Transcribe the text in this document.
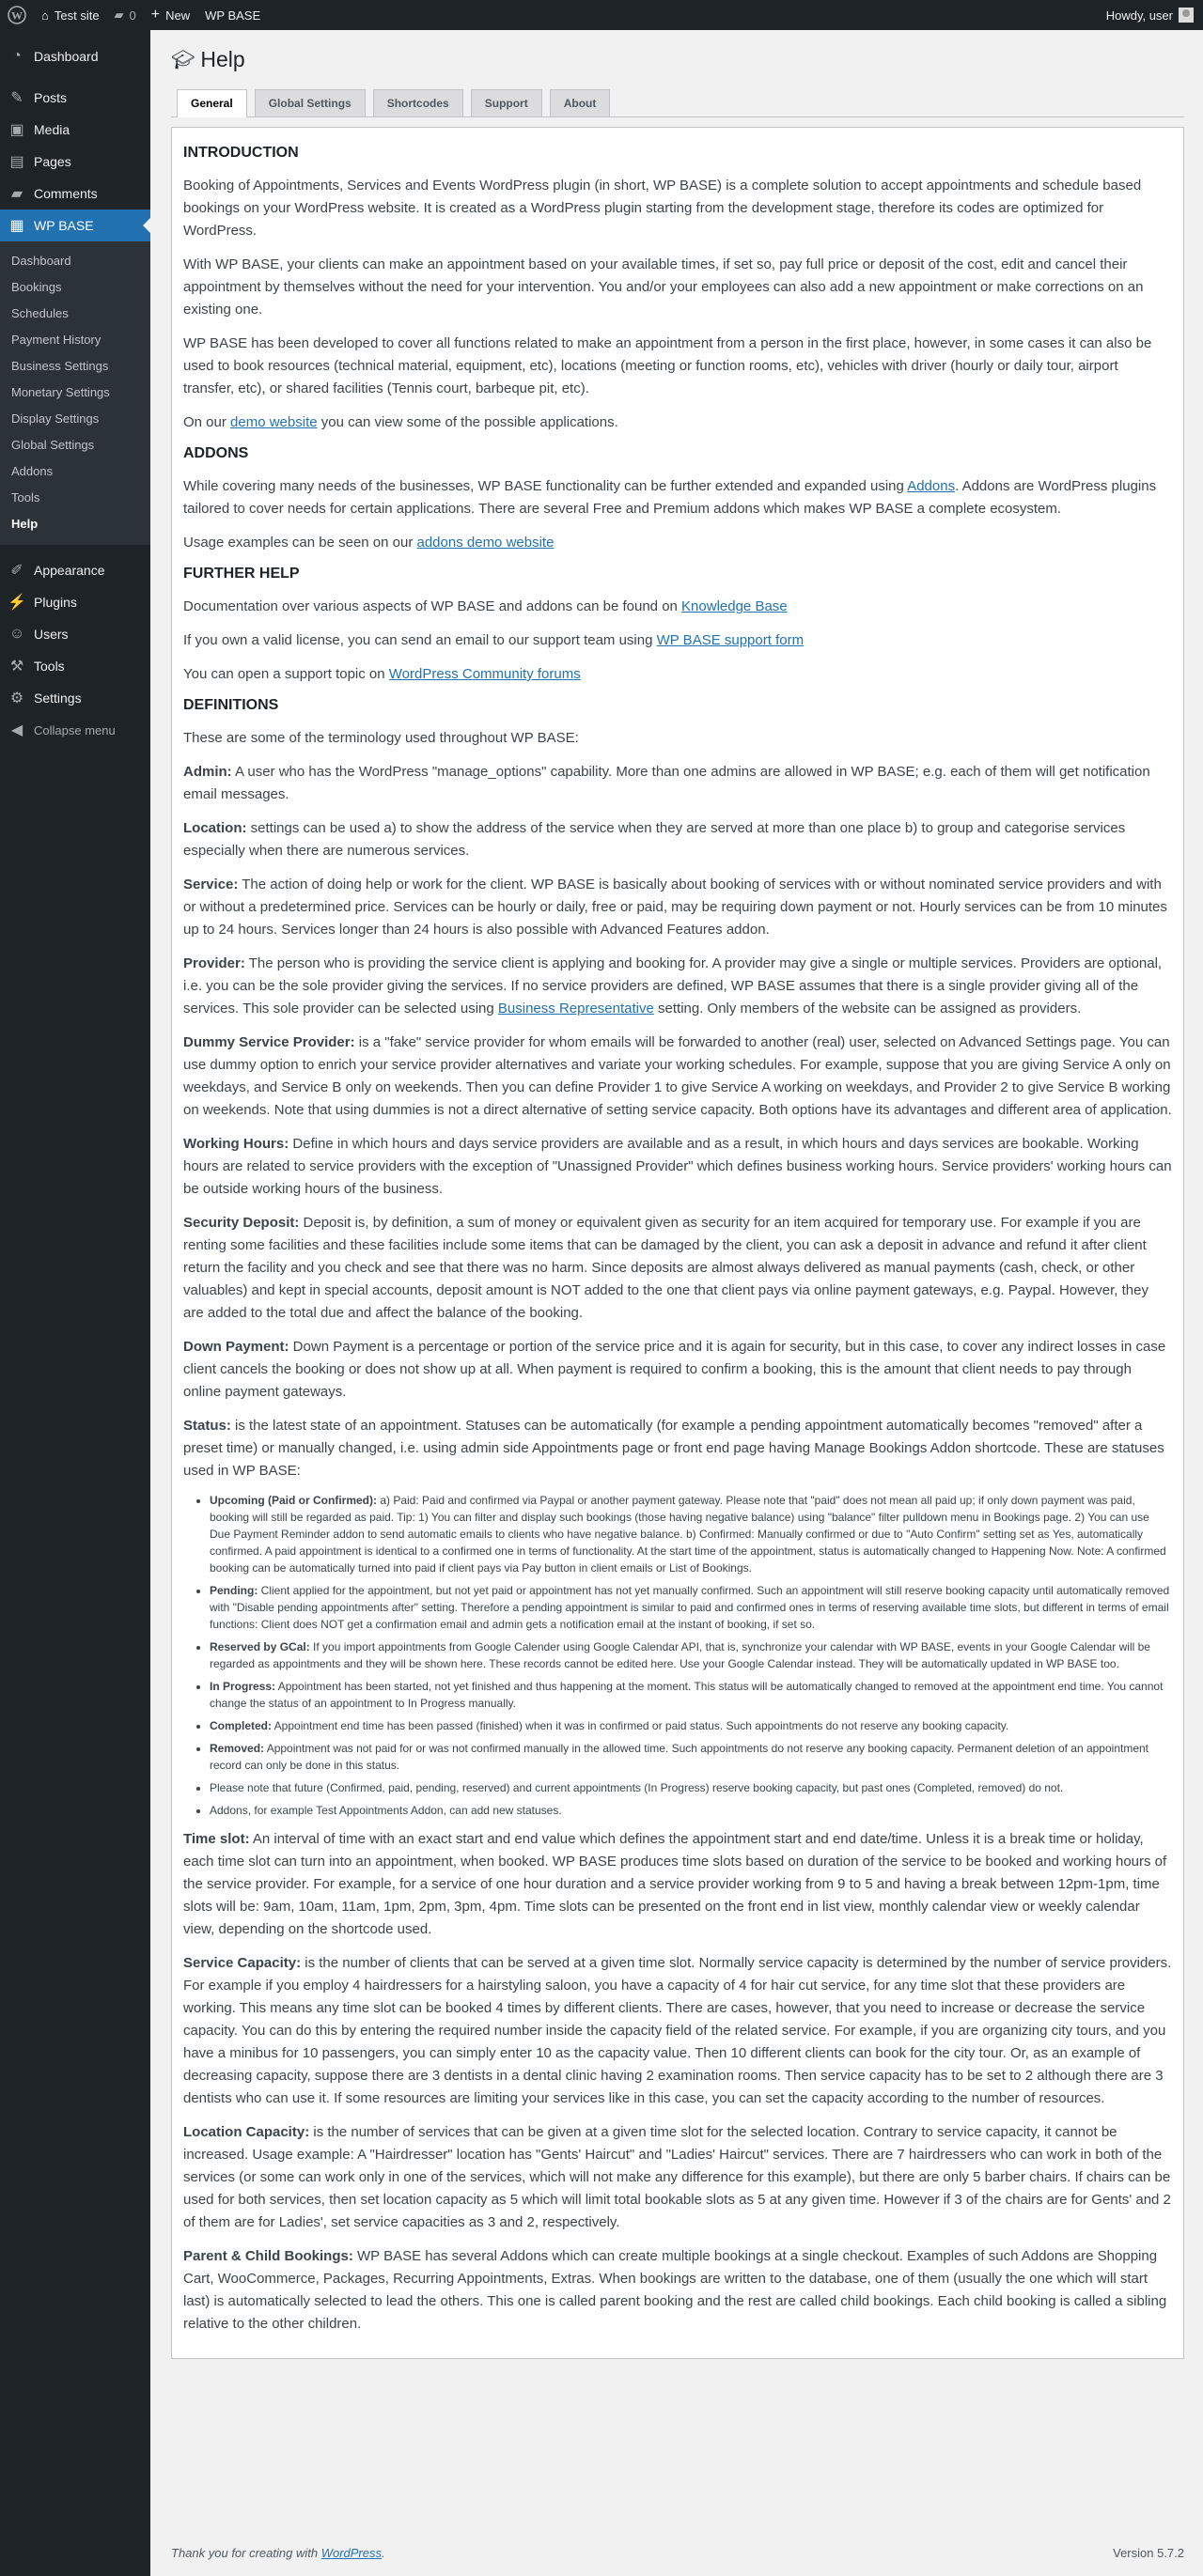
W ⌂ Test site ▰ 0 + New WP BASE	Howdy, user
◔ Dashboard
✎ Posts
▣ Media
▤ Pages
▰ Comments
▦ WP BASE
Dashboard
Bookings
Schedules
Payment History
Business Settings
Monetary Settings
Display Settings
Global Settings
Addons
Tools
Help
✐ Appearance
⚡ Plugins
☺ Users
⚒ Tools
⚙ Settings
◀ Collapse menu
🎓︎ Help
General	Global Settings	Shortcodes	Support	About
INTRODUCTION

Booking of Appointments, Services and Events WordPress plugin (in short, WP BASE) is a complete solution to accept appointments and schedule based bookings on your WordPress website. It is created as a WordPress plugin starting from the development stage, therefore its codes are optimized for WordPress.

With WP BASE, your clients can make an appointment based on your available times, if set so, pay full price or deposit of the cost, edit and cancel their appointment by themselves without the need for your intervention. You and/or your employees can also add a new appointment or make corrections on an existing one.

WP BASE has been developed to cover all functions related to make an appointment from a person in the first place, however, in some cases it can also be used to book resources (technical material, equipment, etc), locations (meeting or function rooms, etc), vehicles with driver (hourly or daily tour, airport transfer, etc), or shared facilities (Tennis court, barbeque pit, etc).

On our demo website you can view some of the possible applications.

ADDONS

While covering many needs of the businesses, WP BASE functionality can be further extended and expanded using Addons. Addons are WordPress plugins tailored to cover needs for certain applications. There are several Free and Premium addons which makes WP BASE a complete ecosystem.

Usage examples can be seen on our addons demo website

FURTHER HELP

Documentation over various aspects of WP BASE and addons can be found on Knowledge Base

If you own a valid license, you can send an email to our support team using WP BASE support form

You can open a support topic on WordPress Community forums

DEFINITIONS

These are some of the terminology used throughout WP BASE:

Admin: A user who has the WordPress "manage_options" capability. More than one admins are allowed in WP BASE; e.g. each of them will get notification email messages.

Location: settings can be used a) to show the address of the service when they are served at more than one place b) to group and categorise services especially when there are numerous services.

Service: The action of doing help or work for the client. WP BASE is basically about booking of services with or without nominated service providers and with or without a predetermined price. Services can be hourly or daily, free or paid, may be requiring down payment or not. Hourly services can be from 10 minutes up to 24 hours. Services longer than 24 hours is also possible with Advanced Features addon.

Provider: The person who is providing the service client is applying and booking for. A provider may give a single or multiple services. Providers are optional, i.e. you can be the sole provider giving the services. If no service providers are defined, WP BASE assumes that there is a single provider giving all of the services. This sole provider can be selected using Business Representative setting. Only members of the website can be assigned as providers.

Dummy Service Provider: is a "fake" service provider for whom emails will be forwarded to another (real) user, selected on Advanced Settings page. You can use dummy option to enrich your service provider alternatives and variate your working schedules. For example, suppose that you are giving Service A only on weekdays, and Service B only on weekends. Then you can define Provider 1 to give Service A working on weekdays, and Provider 2 to give Service B working on weekends. Note that using dummies is not a direct alternative of setting service capacity. Both options have its advantages and different area of application.

Working Hours: Define in which hours and days service providers are available and as a result, in which hours and days services are bookable. Working hours are related to service providers with the exception of "Unassigned Provider" which defines business working hours. Service providers' working hours can be outside working hours of the business.

Security Deposit: Deposit is, by definition, a sum of money or equivalent given as security for an item acquired for temporary use. For example if you are renting some facilities and these facilities include some items that can be damaged by the client, you can ask a deposit in advance and refund it after client return the facility and you check and see that there was no harm. Since deposits are almost always delivered as manual payments (cash, check, or other valuables) and kept in special accounts, deposit amount is NOT added to the one that client pays via online payment gateways, e.g. Paypal. However, they are added to the total due and affect the balance of the booking.

Down Payment: Down Payment is a percentage or portion of the service price and it is again for security, but in this case, to cover any indirect losses in case client cancels the booking or does not show up at all. When payment is required to confirm a booking, this is the amount that client needs to pay through online payment gateways.

Status: is the latest state of an appointment. Statuses can be automatically (for example a pending appointment automatically becomes "removed" after a preset time) or manually changed, i.e. using admin side Appointments page or front end page having Manage Bookings Addon shortcode. These are statuses used in WP BASE:

• Upcoming (Paid or Confirmed): a) Paid: Paid and confirmed via Paypal or another payment gateway. Please note that "paid" does not mean all paid up; if only down payment was paid, booking will still be regarded as paid. Tip: 1) You can filter and display such bookings (those having negative balance) using "balance" filter pulldown menu in Bookings page. 2) You can use Due Payment Reminder addon to send automatic emails to clients who have negative balance. b) Confirmed: Manually confirmed or due to "Auto Confirm" setting set as Yes, automatically confirmed. A paid appointment is identical to a confirmed one in terms of functionality. At the start time of the appointment, status is automatically changed to Happening Now. Note: A confirmed booking can be automatically turned into paid if client pays via Pay button in client emails or List of Bookings.
• Pending: Client applied for the appointment, but not yet paid or appointment has not yet manually confirmed. Such an appointment will still reserve booking capacity until automatically removed with "Disable pending appointments after" setting. Therefore a pending appointment is similar to paid and confirmed ones in terms of reserving available time slots, but different in terms of email functions: Client does NOT get a confirmation email and admin gets a notification email at the instant of booking, if set so.
• Reserved by GCal: If you import appointments from Google Calender using Google Calendar API, that is, synchronize your calendar with WP BASE, events in your Google Calendar will be regarded as appointments and they will be shown here. These records cannot be edited here. Use your Google Calendar instead. They will be automatically updated in WP BASE too.
• In Progress: Appointment has been started, not yet finished and thus happening at the moment. This status will be automatically changed to removed at the appointment end time. You cannot change the status of an appointment to In Progress manually.
• Completed: Appointment end time has been passed (finished) when it was in confirmed or paid status. Such appointments do not reserve any booking capacity.
• Removed: Appointment was not paid for or was not confirmed manually in the allowed time. Such appointments do not reserve any booking capacity. Permanent deletion of an appointment record can only be done in this status.
• Please note that future (Confirmed, paid, pending, reserved) and current appointments (In Progress) reserve booking capacity, but past ones (Completed, removed) do not.
• Addons, for example Test Appointments Addon, can add new statuses.

Time slot: An interval of time with an exact start and end value which defines the appointment start and end date/time. Unless it is a break time or holiday, each time slot can turn into an appointment, when booked. WP BASE produces time slots based on duration of the service to be booked and working hours of the service provider. For example, for a service of one hour duration and a service provider working from 9 to 5 and having a break between 12pm-1pm, time slots will be: 9am, 10am, 11am, 1pm, 2pm, 3pm, 4pm. Time slots can be presented on the front end in list view, monthly calendar view or weekly calendar view, depending on the shortcode used.

Service Capacity: is the number of clients that can be served at a given time slot. Normally service capacity is determined by the number of service providers. For example if you employ 4 hairdressers for a hairstyling saloon, you have a capacity of 4 for hair cut service, for any time slot that these providers are working. This means any time slot can be booked 4 times by different clients. There are cases, however, that you need to increase or decrease the service capacity. You can do this by entering the required number inside the capacity field of the related service. For example, if you are organizing city tours, and you have a minibus for 10 passengers, you can simply enter 10 as the capacity value. Then 10 different clients can book for the city tour. Or, as an example of decreasing capacity, suppose there are 3 dentists in a dental clinic having 2 examination rooms. Then service capacity has to be set to 2 although there are 3 dentists who can use it. If some resources are limiting your services like in this case, you can set the capacity according to the number of resources.

Location Capacity: is the number of services that can be given at a given time slot for the selected location. Contrary to service capacity, it cannot be increased. Usage example: A "Hairdresser" location has "Gents' Haircut" and "Ladies' Haircut" services. There are 7 hairdressers who can work in both of the services (or some can work only in one of the services, which will not make any difference for this example), but there are only 5 barber chairs. If chairs can be used for both services, then set location capacity as 5 which will limit total bookable slots as 5 at any given time. However if 3 of the chairs are for Gents' and 2 of them are for Ladies', set service capacities as 3 and 2, respectively.

Parent & Child Bookings: WP BASE has several Addons which can create multiple bookings at a single checkout. Examples of such Addons are Shopping Cart, WooCommerce, Packages, Recurring Appointments, Extras. When bookings are written to the database, one of them (usually the one which will start last) is automatically selected to lead the others. This one is called parent booking and the rest are called child bookings. Each child booking is called a sibling relative to the other children.

Thank you for creating with WordPress.	Version 5.7.2
